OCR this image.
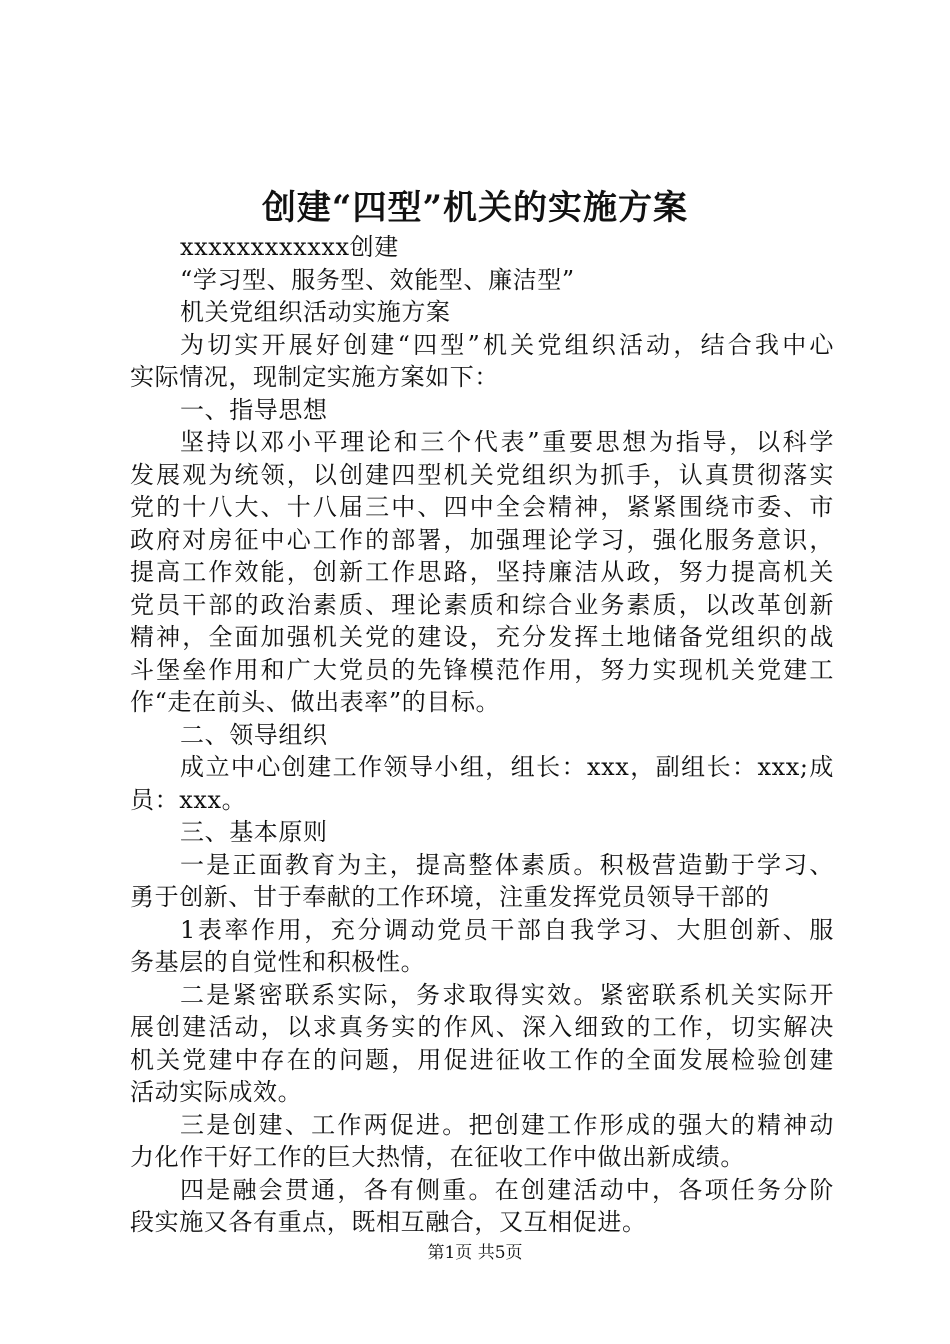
创建“四型”机关的实施方案
xxxxxxxxxxxx创建
“学习型、服务型、效能型、廉洁型”
机关党组织活动实施方案
为切实开展好创建“四型”机关党组织活动，结合我中心
实际情况，现制定实施方案如下：
一、指导思想
坚持以邓小平理论和三个代表”重要思想为指导，以科学
发展观为统领，以创建四型机关党组织为抓手，认真贯彻落实
党的十八大、十八届三中、四中全会精神，紧紧围绕市委、市
政府对房征中心工作的部署，加强理论学习，强化服务意识，
提高工作效能，创新工作思路，坚持廉洁从政，努力提高机关
党员干部的政治素质、理论素质和综合业务素质，以改革创新
精神，全面加强机关党的建设，充分发挥土地储备党组织的战
斗堡垒作用和广大党员的先锋模范作用，努力实现机关党建工
作“走在前头、做出表率”的目标。
二、领导组织
成立中心创建工作领导小组，组长：xxx，副组长：xxx;成
员：xxx。
三、基本原则
一是正面教育为主，提高整体素质。积极营造勤于学习、
勇于创新、甘于奉献的工作环境，注重发挥党员领导干部的
1表率作用，充分调动党员干部自我学习、大胆创新、服
务基层的自觉性和积极性。
二是紧密联系实际，务求取得实效。紧密联系机关实际开
展创建活动，以求真务实的作风、深入细致的工作，切实解决
机关党建中存在的问题，用促进征收工作的全面发展检验创建
活动实际成效。
三是创建、工作两促进。把创建工作形成的强大的精神动
力化作干好工作的巨大热情，在征收工作中做出新成绩。
四是融会贯通，各有侧重。在创建活动中，各项任务分阶
段实施又各有重点，既相互融合，又互相促进。
第1页 共5页
